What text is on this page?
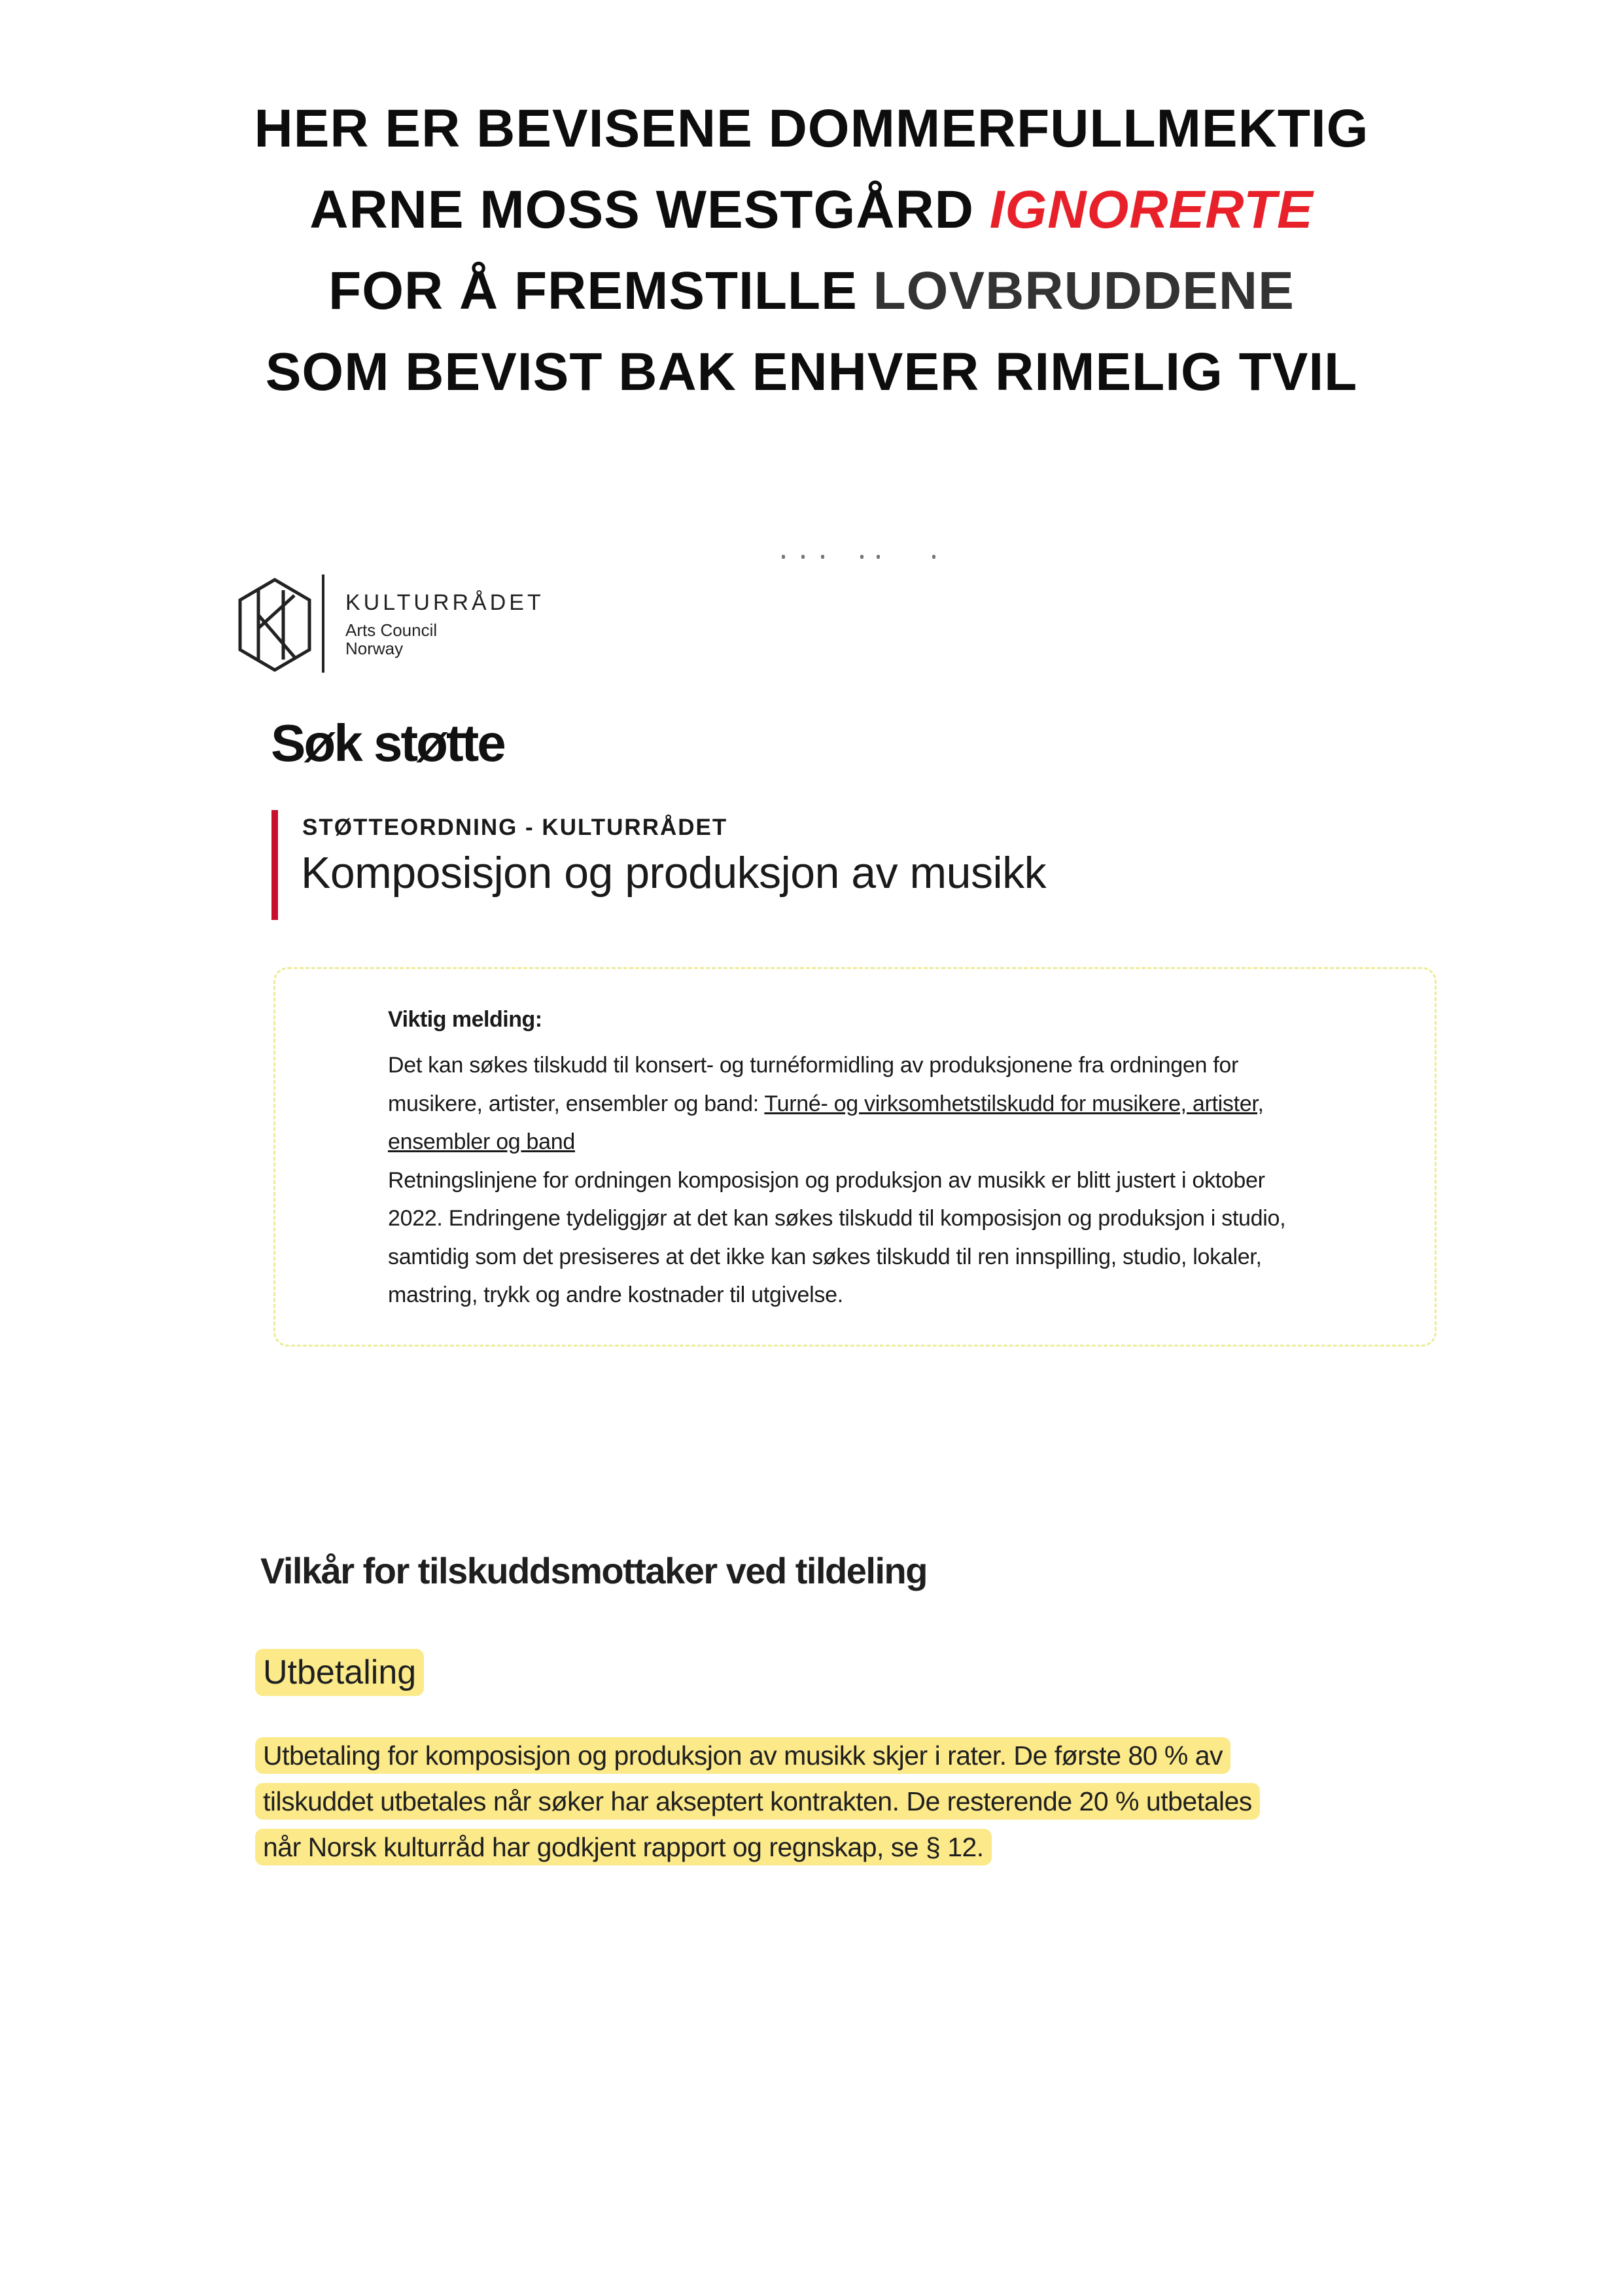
HER ER BEVISENE DOMMERFULLMEKTIG
ARNE MOSS WESTGÅRD IGNORERTE
FOR Å FREMSTILLE LOVBRUDDENE
SOM BEVIST BAK ENHVER RIMELIG TVIL
KULTURRÅDET
Arts Council
Norway
Søk støtte
STØTTEORDNING - KULTURRÅDET
Komposisjon og produksjon av musikk
Viktig melding:
Det kan søkes tilskudd til konsert- og turnéformidling av produksjonene fra ordningen for
musikere, artister, ensembler og band: Turné- og virksomhetstilskudd for musikere, artister,
ensembler og band
Retningslinjene for ordningen komposisjon og produksjon av musikk er blitt justert i oktober
2022. Endringene tydeliggjør at det kan søkes tilskudd til komposisjon og produksjon i studio,
samtidig som det presiseres at det ikke kan søkes tilskudd til ren innspilling, studio, lokaler,
mastring, trykk og andre kostnader til utgivelse.
Vilkår for tilskuddsmottaker ved tildeling
Utbetaling
Utbetaling for komposisjon og produksjon av musikk skjer i rater. De første 80 % av
tilskuddet utbetales når søker har akseptert kontrakten. De resterende 20 % utbetales
når Norsk kulturråd har godkjent rapport og regnskap, se § 12.
